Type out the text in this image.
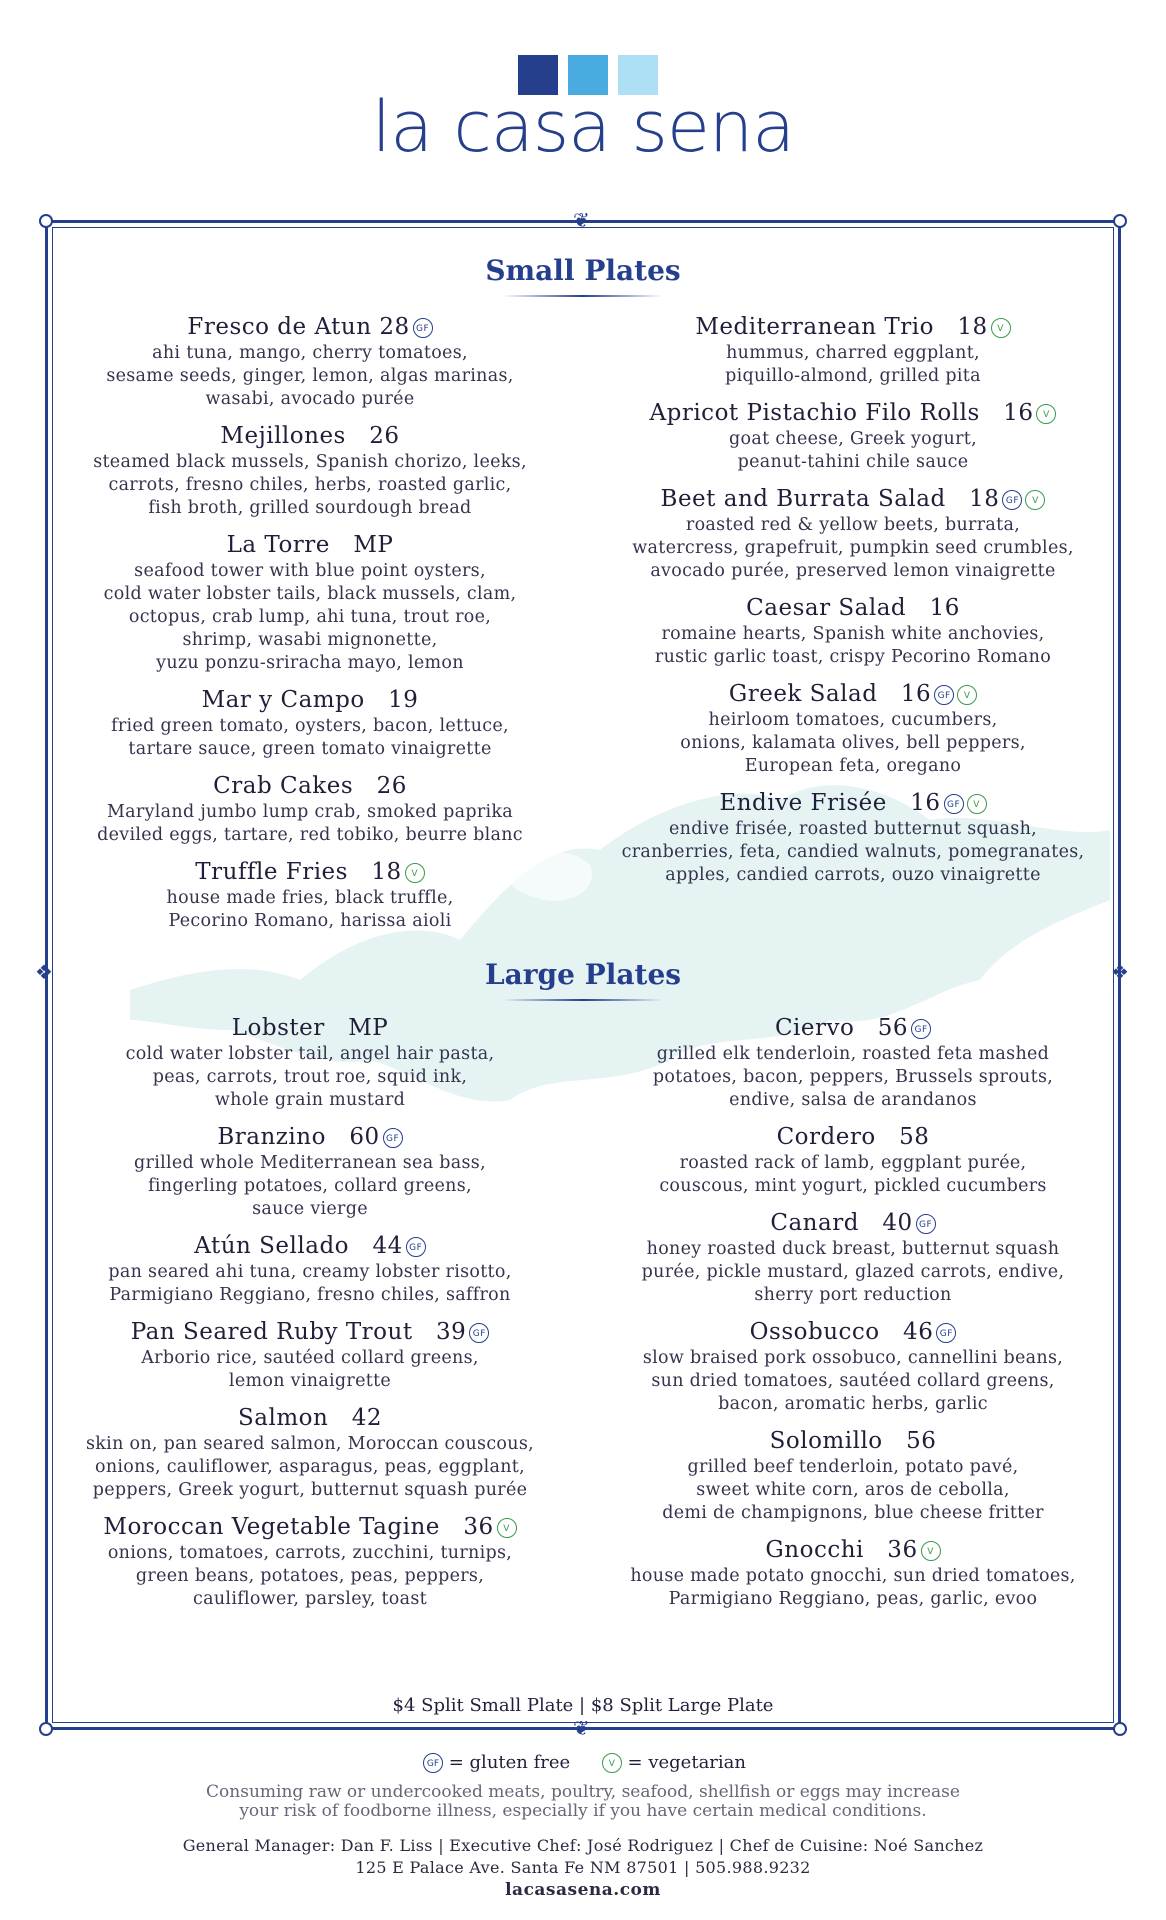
la casa sena
❦
❦
❖	❖
Small Plates
Fresco de Atun 28 GF
ahi tuna, mango, cherry tomatoes,
sesame seeds, ginger, lemon, algas marinas,
wasabi, avocado purée
Mejillones   26
steamed black mussels, Spanish chorizo, leeks,
carrots, fresno chiles, herbs, roasted garlic,
fish broth, grilled sourdough bread
La Torre   MP
seafood tower with blue point oysters,
cold water lobster tails, black mussels, clam,
octopus, crab lump, ahi tuna, trout roe,
shrimp, wasabi mignonette,
yuzu ponzu-sriracha mayo, lemon
Mar y Campo   19
fried green tomato, oysters, bacon, lettuce,
tartare sauce, green tomato vinaigrette
Crab Cakes   26
Maryland jumbo lump crab, smoked paprika
deviled eggs, tartare, red tobiko, beurre blanc
Truffle Fries   18 V
house made fries, black truffle,
Pecorino Romano, harissa aioli
Mediterranean Trio   18 V
hummus, charred eggplant,
piquillo-almond, grilled pita
Apricot Pistachio Filo Rolls   16 V
goat cheese, Greek yogurt,
peanut-tahini chile sauce
Beet and Burrata Salad   18 GF V
roasted red & yellow beets, burrata,
watercress, grapefruit, pumpkin seed crumbles,
avocado purée, preserved lemon vinaigrette
Caesar Salad   16
romaine hearts, Spanish white anchovies,
rustic garlic toast, crispy Pecorino Romano
Greek Salad   16 GF V
heirloom tomatoes, cucumbers,
onions, kalamata olives, bell peppers,
European feta, oregano
Endive Frisée   16 GF V
endive frisée, roasted butternut squash,
cranberries, feta, candied walnuts, pomegranates,
apples, candied carrots, ouzo vinaigrette
Large Plates
Lobster   MP
cold water lobster tail, angel hair pasta,
peas, carrots, trout roe, squid ink,
whole grain mustard
Branzino   60 GF
grilled whole Mediterranean sea bass,
fingerling potatoes, collard greens,
sauce vierge
Atún Sellado   44 GF
pan seared ahi tuna, creamy lobster risotto,
Parmigiano Reggiano, fresno chiles, saffron
Pan Seared Ruby Trout   39 GF
Arborio rice, sautéed collard greens,
lemon vinaigrette
Salmon   42
skin on, pan seared salmon, Moroccan couscous,
onions, cauliflower, asparagus, peas, eggplant,
peppers, Greek yogurt, butternut squash purée
Moroccan Vegetable Tagine   36 V
onions, tomatoes, carrots, zucchini, turnips,
green beans, potatoes, peas, peppers,
cauliflower, parsley, toast
Ciervo   56 GF
grilled elk tenderloin, roasted feta mashed
potatoes, bacon, peppers, Brussels sprouts,
endive, salsa de arandanos
Cordero   58
roasted rack of lamb, eggplant purée,
couscous, mint yogurt, pickled cucumbers
Canard   40 GF
honey roasted duck breast, butternut squash
purée, pickle mustard, glazed carrots, endive,
sherry port reduction
Ossobucco   46 GF
slow braised pork ossobuco, cannellini beans,
sun dried tomatoes, sautéed collard greens,
bacon, aromatic herbs, garlic
Solomillo   56
grilled beef tenderloin, potato pavé,
sweet white corn, aros de cebolla,
demi de champignons, blue cheese fritter
Gnocchi   36 V
house made potato gnocchi, sun dried tomatoes,
Parmigiano Reggiano, peas, garlic, evoo
$4 Split Small Plate | $8 Split Large Plate
GF = gluten free	V = vegetarian
Consuming raw or undercooked meats, poultry, seafood, shellfish or eggs may increase
your risk of foodborne illness, especially if you have certain medical conditions.
General Manager: Dan F. Liss | Executive Chef: José Rodriguez | Chef de Cuisine: Noé Sanchez
125 E Palace Ave. Santa Fe NM 87501 | 505.988.9232
lacasasena.com
